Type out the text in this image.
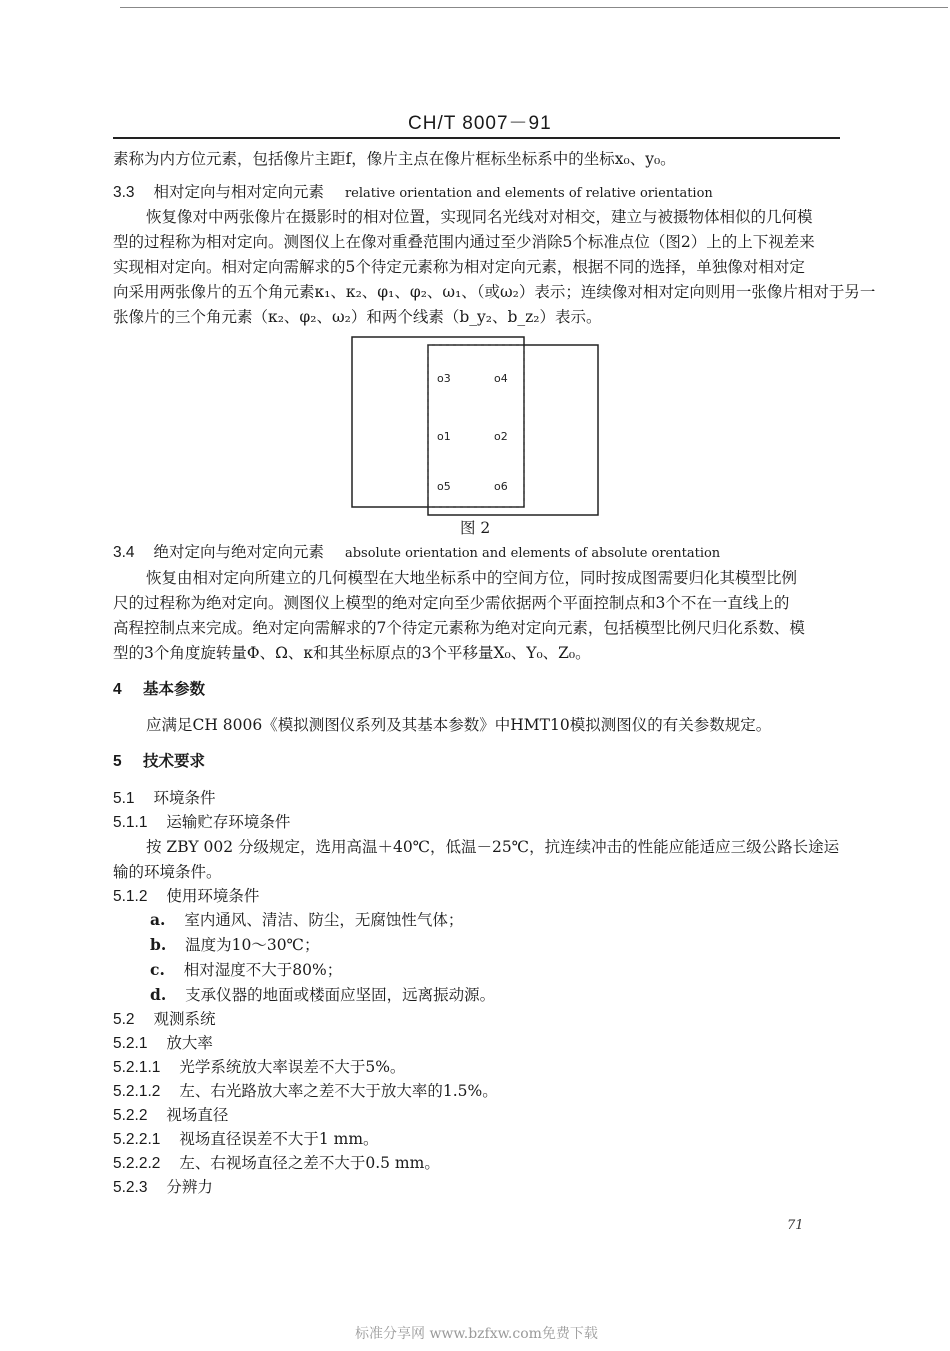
CH/T 8007－91
素称为内方位元素，包括像片主距f，像片主点在像片框标坐标系中的坐标x₀、y₀。
3.3 相对定向与相对定向元素 relative orientation and elements of relative orientation
恢复像对中两张像片在摄影时的相对位置，实现同名光线对对相交，建立与被摄物体相似的几何模
型的过程称为相对定向。测图仪上在像对重叠范围内通过至少消除5个标准点位（图2）上的上下视差来
实现相对定向。相对定向需解求的5个待定元素称为相对定向元素，根据不同的选择，单独像对相对定
向采用两张像片的五个角元素κ₁、κ₂、φ₁、φ₂、ω₁、（或ω₂）表示；连续像对相对定向则用一张像片相对于另一
张像片的三个角元素（κ₂、φ₂、ω₂）和两个线素（b_y₂、b_z₂）表示。
o3	o4
o1	o2
o5	o6
图 2
3.4 绝对定向与绝对定向元素 absolute orientation and elements of absolute orentation
恢复由相对定向所建立的几何模型在大地坐标系中的空间方位，同时按成图需要归化其模型比例
尺的过程称为绝对定向。测图仪上模型的绝对定向至少需依据两个平面控制点和3个不在一直线上的
高程控制点来完成。绝对定向需解求的7个待定元素称为绝对定向元素，包括模型比例尺归化系数、模
型的3个角度旋转量Φ、Ω、κ和其坐标原点的3个平移量X₀、Y₀、Z₀。
4 基本参数
应满足CH 8006《模拟测图仪系列及其基本参数》中HMT10模拟测图仪的有关参数规定。
5 技术要求
5.1 环境条件
5.1.1 运输贮存环境条件
按 ZBY 002 分级规定，选用高温＋40℃，低温－25℃，抗连续冲击的性能应能适应三级公路长途运
输的环境条件。
5.1.2 使用环境条件
a. 室内通风、清洁、防尘，无腐蚀性气体；
b. 温度为10～30℃；
c. 相对湿度不大于80%；
d. 支承仪器的地面或楼面应坚固，远离振动源。
5.2 观测系统
5.2.1 放大率
5.2.1.1 光学系统放大率误差不大于5%。
5.2.1.2 左、右光路放大率之差不大于放大率的1.5%。
5.2.2 视场直径
5.2.2.1 视场直径误差不大于1 mm。
5.2.2.2 左、右视场直径之差不大于0.5 mm。
5.2.3 分辨力
71
标准分享网 www.bzfxw.com免费下载
